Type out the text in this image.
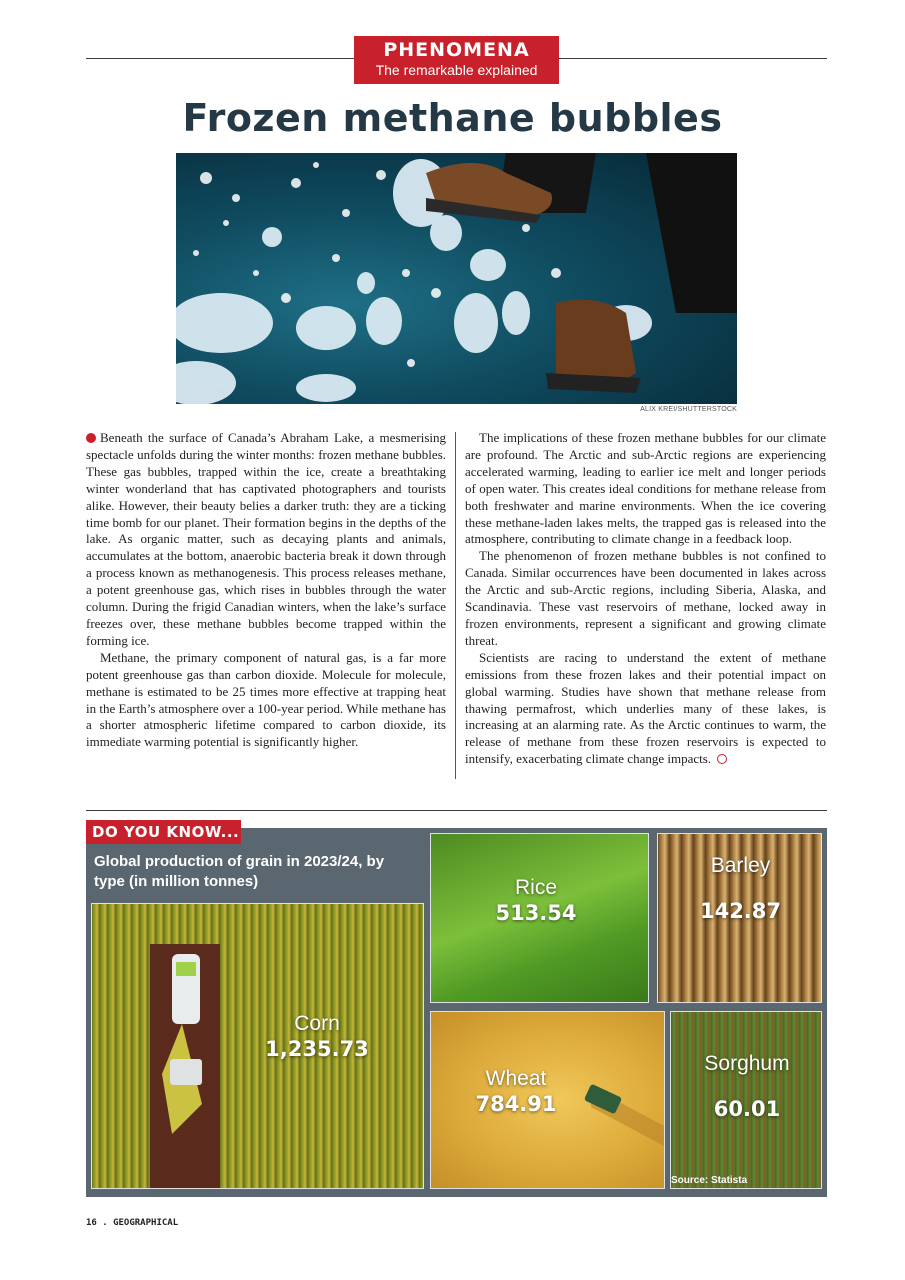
PHENOMENA
The remarkable explained
Frozen methane bubbles
ALIX KREI/SHUTTERSTOCK

Beneath the surface of Canada’s Abraham Lake, a mesmerising spectacle unfolds during the winter months: frozen methane bubbles. These gas bubbles, trapped within the ice, create a breathtaking winter wonderland that has captivated photographers and tourists alike. However, their beauty belies a darker truth: they are a ticking time bomb for our planet. Their formation begins in the depths of the lake. As organic matter, such as decaying plants and animals, accumulates at the bottom, anaerobic bacteria break it down through a process known as methanogenesis. This process releases methane, a potent greenhouse gas, which rises in bubbles through the water column. During the frigid Canadian winters, when the lake’s surface freezes over, these methane bubbles become trapped within the forming ice.

Methane, the primary component of natural gas, is a far more potent greenhouse gas than carbon dioxide. Molecule for molecule, methane is estimated to be 25 times more effective at trapping heat in the Earth’s atmosphere over a 100-year period. While methane has a shorter atmospheric lifetime compared to carbon dioxide, its immediate warming potential is significantly higher.

The implications of these frozen methane bubbles for our climate are profound. The Arctic and sub-Arctic regions are experiencing accelerated warming, leading to earlier ice melt and longer periods of open water. This creates ideal conditions for methane release from both freshwater and marine environments. When the ice covering these methane-laden lakes melts, the trapped gas is released into the atmosphere, contributing to climate change in a feedback loop.

The phenomenon of frozen methane bubbles is not confined to Canada. Similar occurrences have been documented in lakes across the Arctic and sub-Arctic regions, including Siberia, Alaska, and Scandinavia. These vast reservoirs of methane, locked away in frozen environments, represent a significant and growing climate threat.

Scientists are racing to understand the extent of methane emissions from these frozen lakes and their potential impact on global warming. Studies have shown that methane release from thawing permafrost, which underlies many of these lakes, is increasing at an alarming rate. As the Arctic continues to warm, the release of methane from these frozen reservoirs is expected to intensify, exacerbating climate change impacts.

DO YOU KNOW...
Global production of grain in 2023/24, by type (in million tonnes)
Corn
1,235.73
Rice
513.54
Barley
142.87
Wheat
784.91
Sorghum
60.01
Source: Statista
16 . GEOGRAPHICAL
